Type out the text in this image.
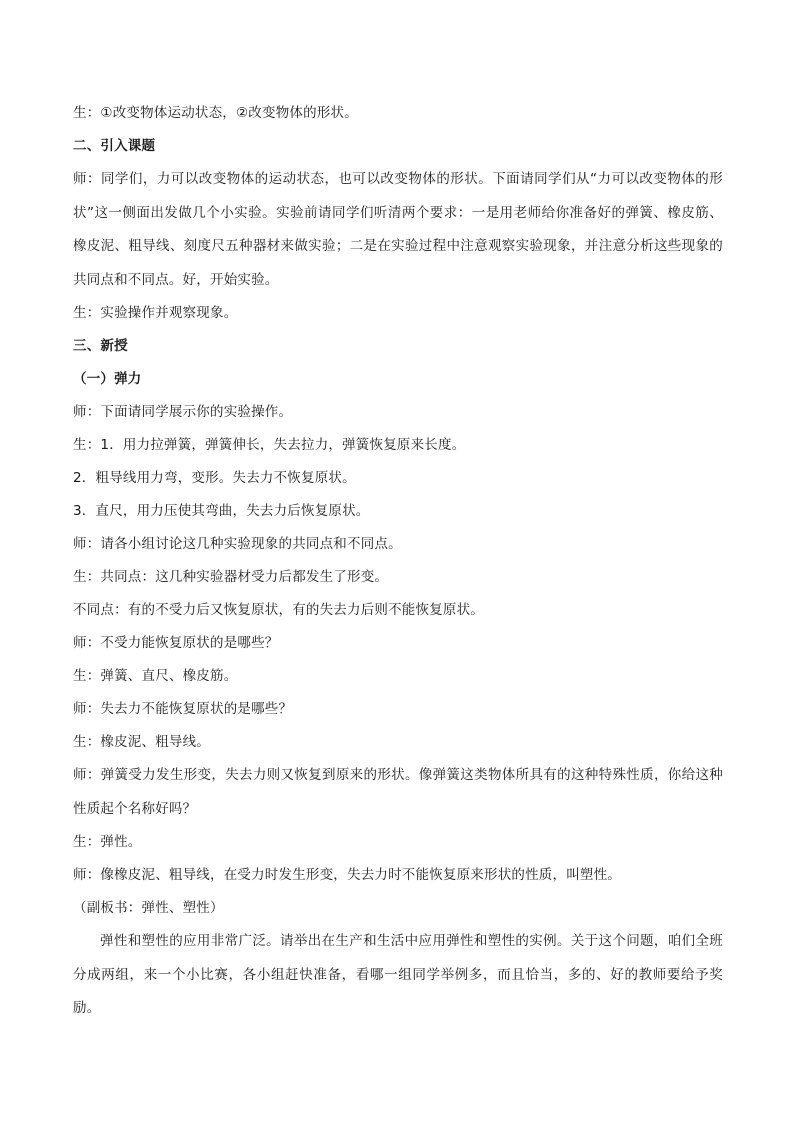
生：①改变物体运动状态，②改变物体的形状。
二、引入课题
师：同学们，力可以改变物体的运动状态，也可以改变物体的形状。下面请同学们从“力可以改变物体的形状”这一侧面出发做几个小实验。实验前请同学们听清两个要求：一是用老师给你准备好的弹簧、橡皮筋、橡皮泥、粗导线、刻度尺五种器材来做实验；二是在实验过程中注意观察实验现象，并注意分析这些现象的共同点和不同点。好，开始实验。
生：实验操作并观察现象。
三、新授
（一）弹力
师：下面请同学展示你的实验操作。
生：1．用力拉弹簧，弹簧伸长，失去拉力，弹簧恢复原来长度。
2．粗导线用力弯，变形。失去力不恢复原状。
3．直尺，用力压使其弯曲，失去力后恢复原状。
师：请各小组讨论这几种实验现象的共同点和不同点。
生：共同点：这几种实验器材受力后都发生了形变。
不同点：有的不受力后又恢复原状，有的失去力后则不能恢复原状。
师：不受力能恢复原状的是哪些？
生：弹簧、直尺、橡皮筋。
师：失去力不能恢复原状的是哪些？
生：橡皮泥、粗导线。
师：弹簧受力发生形变，失去力则又恢复到原来的形状。像弹簧这类物体所具有的这种特殊性质，你给这种性质起个名称好吗？
生：弹性。
师：像橡皮泥、粗导线，在受力时发生形变，失去力时不能恢复原来形状的性质，叫塑性。
（副板书：弹性、塑性）
弹性和塑性的应用非常广泛。请举出在生产和生活中应用弹性和塑性的实例。关于这个问题，咱们全班分成两组，来一个小比赛，各小组赶快准备，看哪一组同学举例多，而且恰当，多的、好的教师要给予奖励。
